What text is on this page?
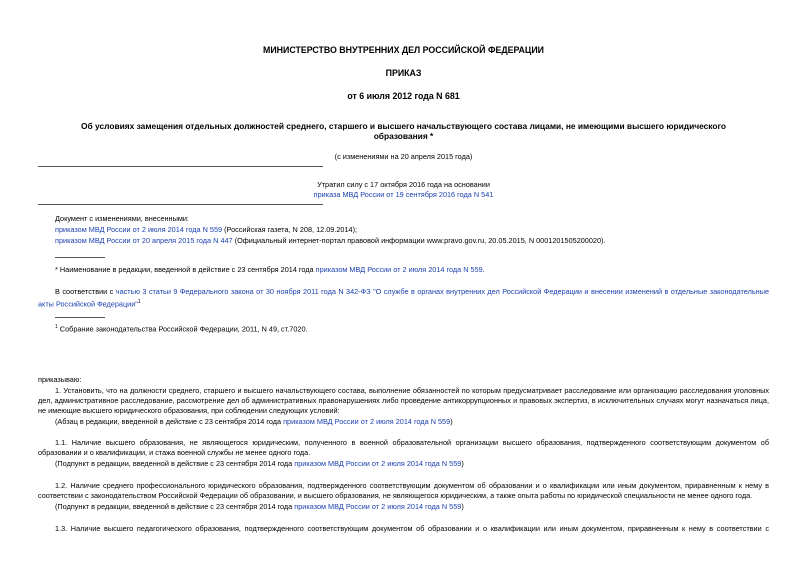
МИНИСТЕРСТВО ВНУТРЕННИХ ДЕЛ РОССИЙСКОЙ ФЕДЕРАЦИИ
ПРИКАЗ
от 6 июля 2012 года N 681
Об условиях замещения отдельных должностей среднего, старшего и высшего начальствующего состава лицами, не имеющими высшего юридического
образования *
(с изменениями на 20 апреля 2015 года)
Утратил силу с 17 октября 2016 года на основании
приказа МВД России от 19 сентября 2016 года N 541
Документ с изменениями, внесенными:
приказом МВД России от 2 июля 2014 года N 559 (Российская газета, N 208, 12.09.2014);
приказом МВД России от 20 апреля 2015 года N 447 (Официальный интернет-портал правовой информации www.pravo.gov.ru, 20.05.2015, N 0001201505200020).
* Наименование в редакции, введенной в действие с 23 сентября 2014 года приказом МВД России от 2 июля 2014 года N 559.
В соответствии с частью 3 статьи 9 Федерального закона от 30 ноября 2011 года N 342-ФЗ "О службе в органах внутренних дел Российской Федерации и внесении изменений в отдельные законодательные акты Российской Федерации"$^1$
$^1$ Собрание законодательства Российской Федерации, 2011, N 49, ст.7020.
приказываю:
1. Установить, что на должности среднего, старшего и высшего начальствующего состава, выполнение обязанностей по которым предусматривает расследование или организацию расследования уголовных дел, административное расследование, рассмотрение дел об административных правонарушениях либо проведение антикоррупционных и правовых экспертиз, в исключительных случаях могут назначаться лица, не имеющие высшего юридического образования, при соблюдении следующих условий:
(Абзац в редакции, введенной в действие с 23 сентября 2014 года приказом МВД России от 2 июля 2014 года N 559)
1.1. Наличие высшего образования, не являющегося юридическим, полученного в военной образовательной организации высшего образования, подтвержденного соответствующим документом об образовании и о квалификации, и стажа военной службы не менее одного года.
(Подпункт в редакции, введенной в действие с 23 сентября 2014 года приказом МВД России от 2 июля 2014 года N 559)
1.2. Наличие среднего профессионального юридического образования, подтвержденного соответствующим документом об образовании и о квалификации или иным документом, приравненным к нему в соответствии с законодательством Российской Федерации об образовании, и высшего образования, не являющегося юридическим, а также опыта работы по юридической специальности не менее одного года.
(Подпункт в редакции, введенной в действие с 23 сентября 2014 года приказом МВД России от 2 июля 2014 года N 559)
1.3. Наличие высшего педагогического образования, подтвержденного соответствующим документом об образовании и о квалификации или иным документом, приравненным к нему в соответствии с
